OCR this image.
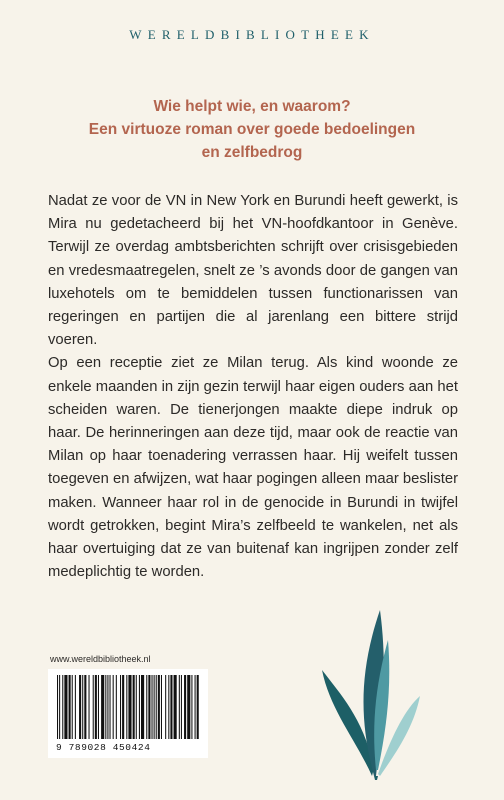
WERELDBIBLIOTHEEK
Wie helpt wie, en waarom?
Een virtuoze roman over goede bedoelingen
en zelfbedrog

Nadat ze voor de VN in New York en Burundi heeft gewerkt, is Mira nu gedetacheerd bij het VN-hoofdkantoor in Genève. Terwijl ze overdag ambtsberichten schrijft over crisisgebieden en vredesmaatregelen, snelt ze ’s avonds door de gangen van luxehotels om te bemiddelen tussen functionarissen van regeringen en partijen die al jarenlang een bittere strijd voeren.

Op een receptie ziet ze Milan terug. Als kind woonde ze enkele maanden in zijn gezin terwijl haar eigen ouders aan het scheiden waren. De tienerjongen maakte diepe indruk op haar. De herinneringen aan deze tijd, maar ook de reactie van Milan op haar toenadering verrassen haar. Hij weifelt tussen toegeven en afwijzen, wat haar pogingen alleen maar beslister maken. Wanneer haar rol in de genocide in Burundi in twijfel wordt getrokken, begint Mira’s zelfbeeld te wankelen, net als haar overtuiging dat ze van buitenaf kan ingrijpen zonder zelf medeplichtig te worden.

www.wereldbibliotheek.nl
9 789028 450424
